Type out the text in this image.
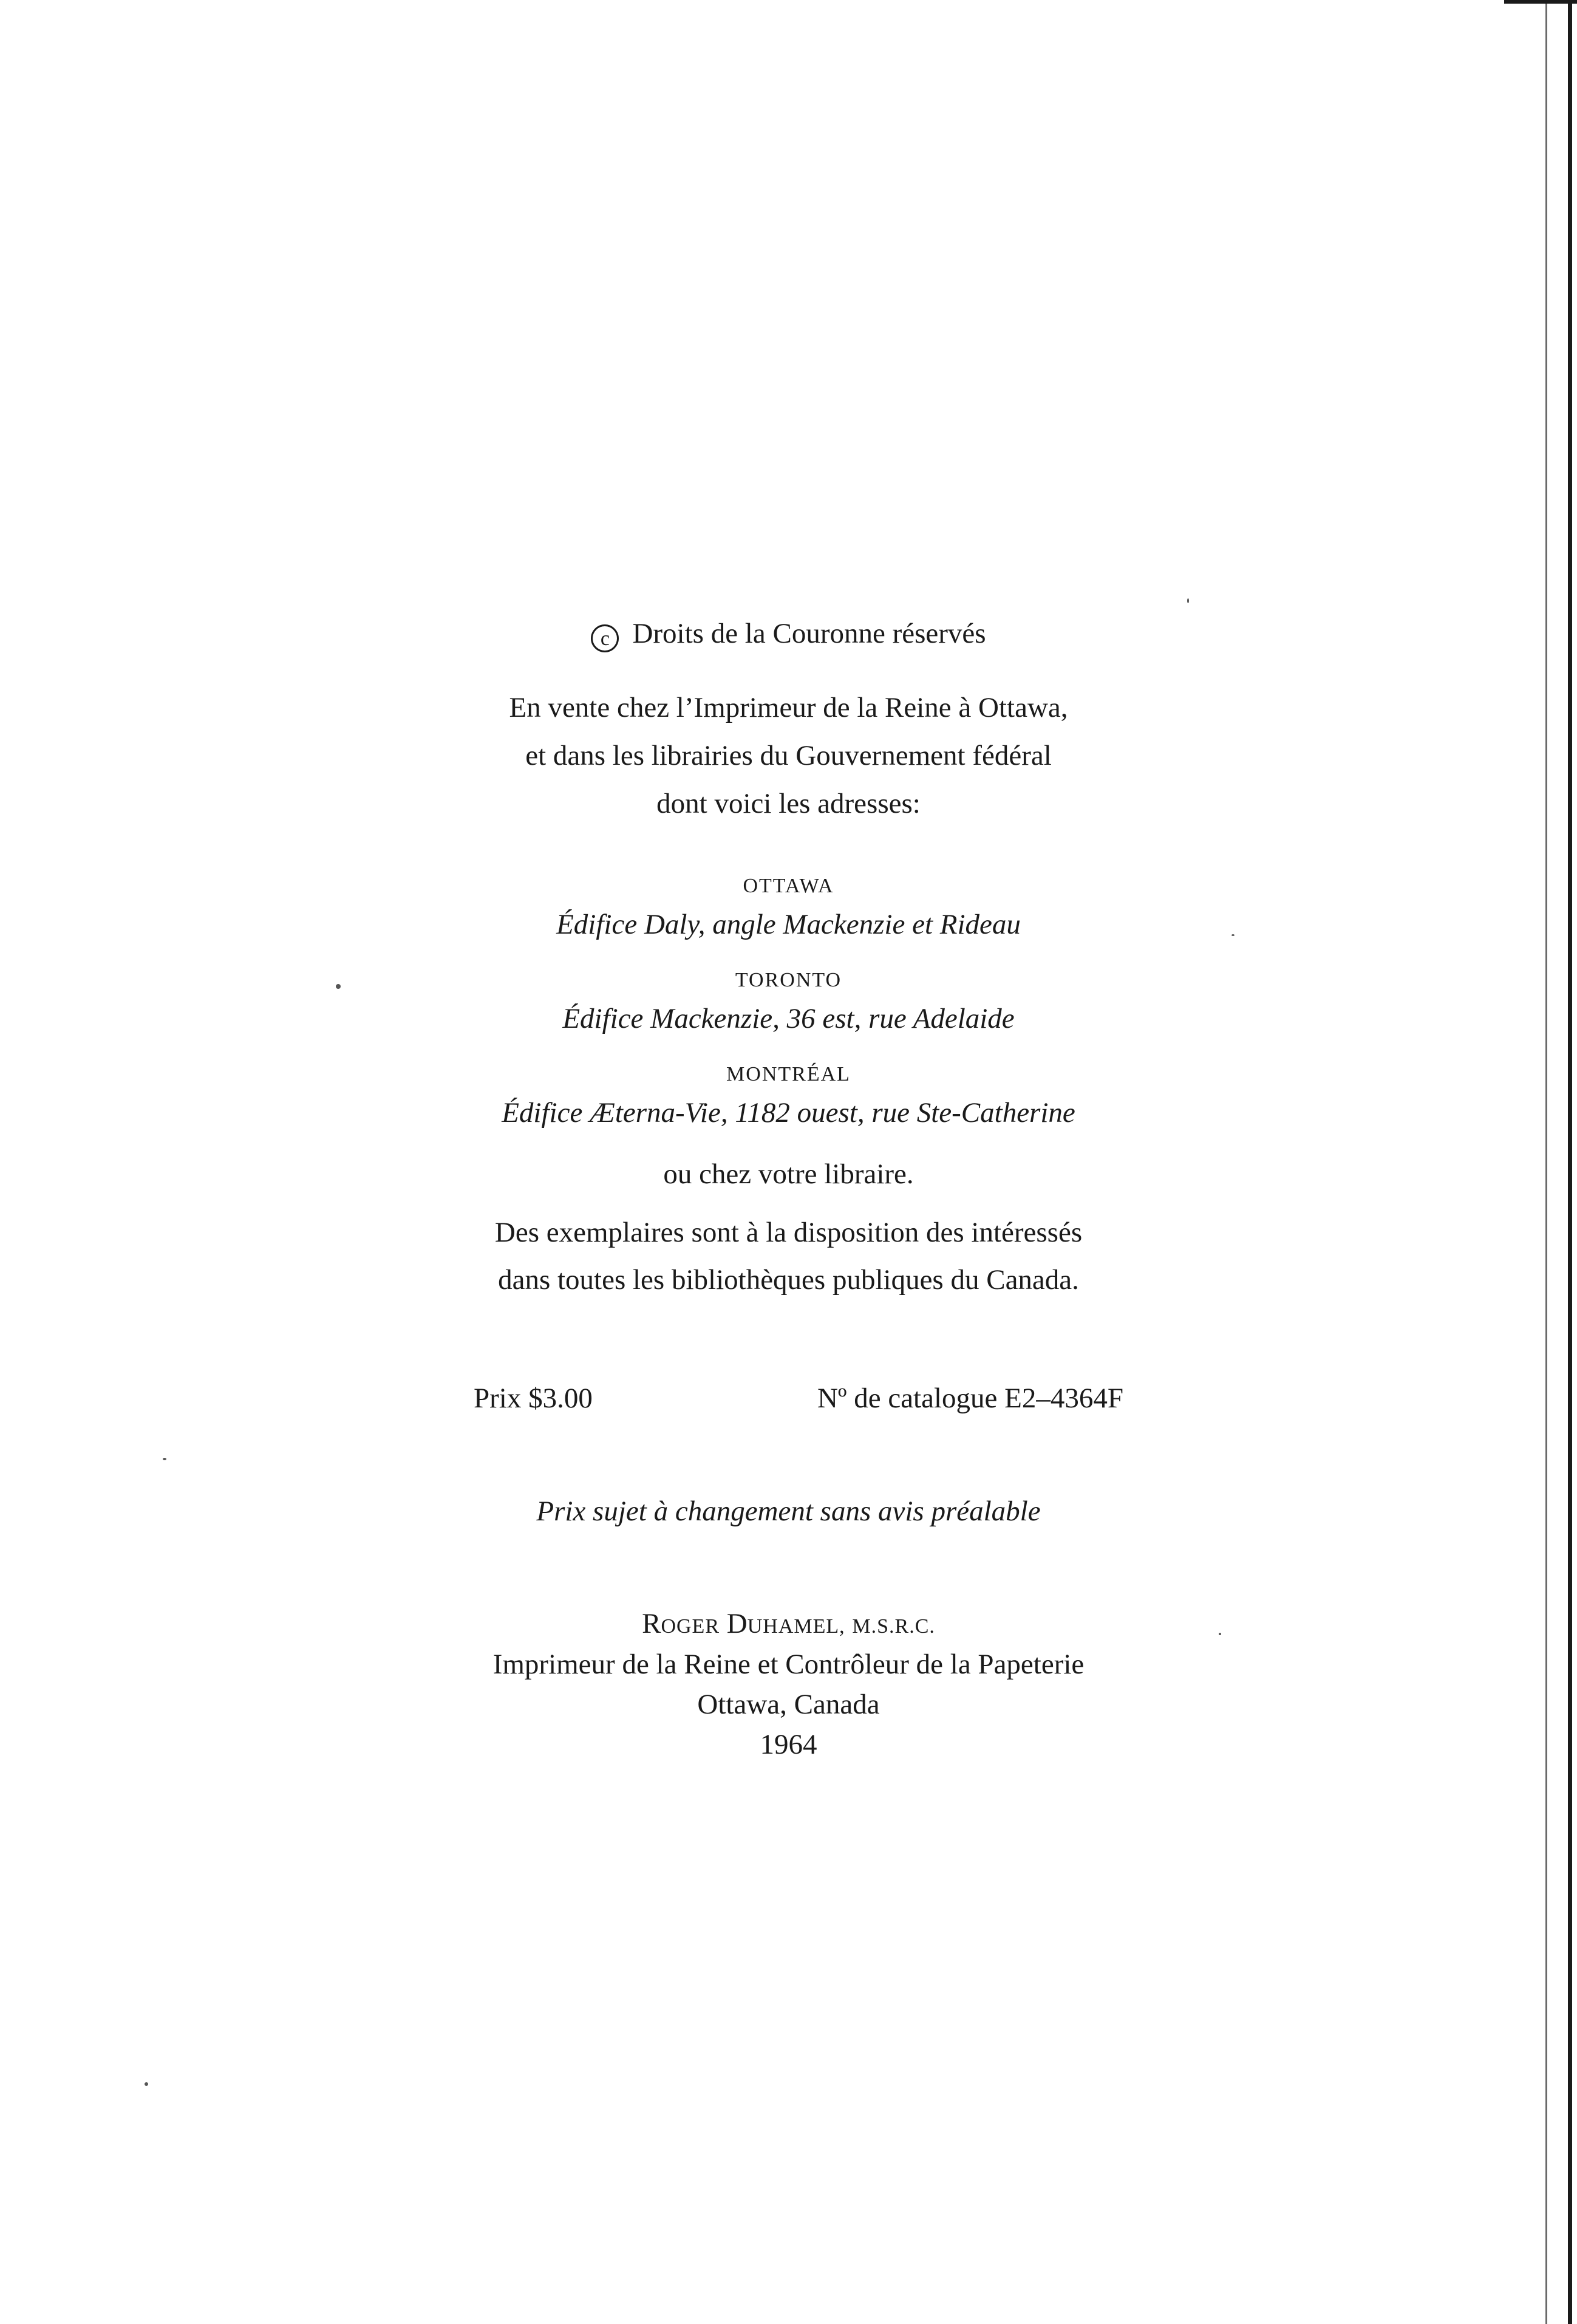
c Droits de la Couronne réservés
En vente chez l’Imprimeur de la Reine à Ottawa,
et dans les librairies du Gouvernement fédéral
dont voici les adresses:
OTTAWA
Édifice Daly, angle Mackenzie et Rideau
TORONTO
Édifice Mackenzie, 36 est, rue Adelaide
MONTRÉAL
Édifice Æterna-Vie, 1182 ouest, rue Ste-Catherine
ou chez votre libraire.
Des exemplaires sont à la disposition des intéressés
dans toutes les bibliothèques publiques du Canada.
Prix $3.00	Nº de catalogue E2–4364F
Prix sujet à changement sans avis préalable
ROGER DUHAMEL, M.S.R.C.
Imprimeur de la Reine et Contrôleur de la Papeterie
Ottawa, Canada
1964
